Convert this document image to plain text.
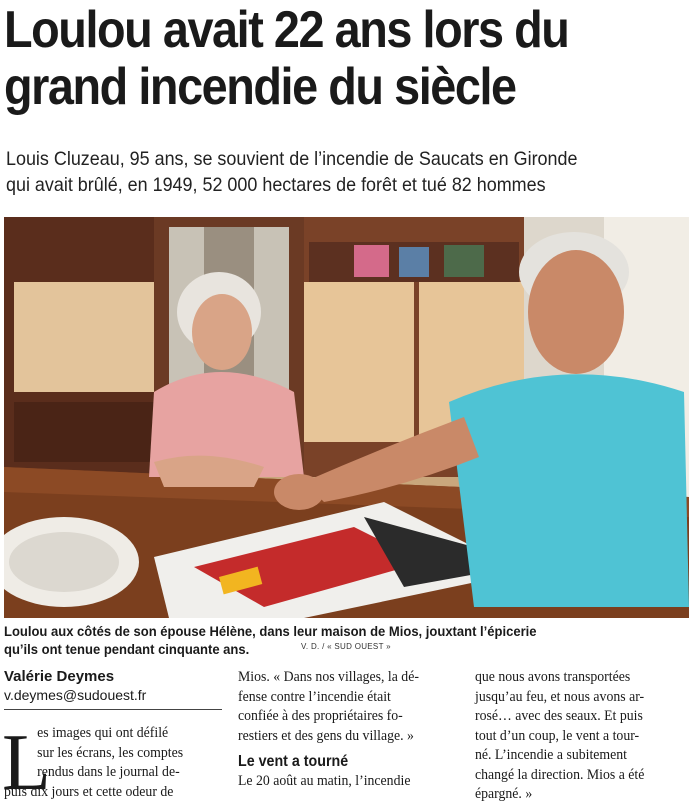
Loulou avait 22 ans lors du
grand incendie du siècle
Louis Cluzeau, 95 ans, se souvient de l’incendie de Saucats en Gironde
qui avait brûlé, en 1949, 52 000 hectares de forêt et tué 82 hommes
Loulou aux côtés de son épouse Hélène, dans leur maison de Mios, jouxtant l’épicerie
qu’ils ont tenue pendant cinquante ans.	V. D. / « SUD OUEST »
Valérie Deymes
v.deymes@sudouest.fr
L
es images qui ont défilé
sur les écrans, les comptes
rendus dans le journal de-
puis dix jours et cette odeur de
Mios. « Dans nos villages, la dé-
fense contre l’incendie était
confiée à des propriétaires fo-
restiers et des gens du village. »
Le vent a tourné
Le 20 août au matin, l’incendie
que nous avons transportées
jusqu’au feu, et nous avons ar-
rosé… avec des seaux. Et puis
tout d’un coup, le vent a tour-
né. L’incendie a subitement
changé la direction. Mios a été
épargné. »
